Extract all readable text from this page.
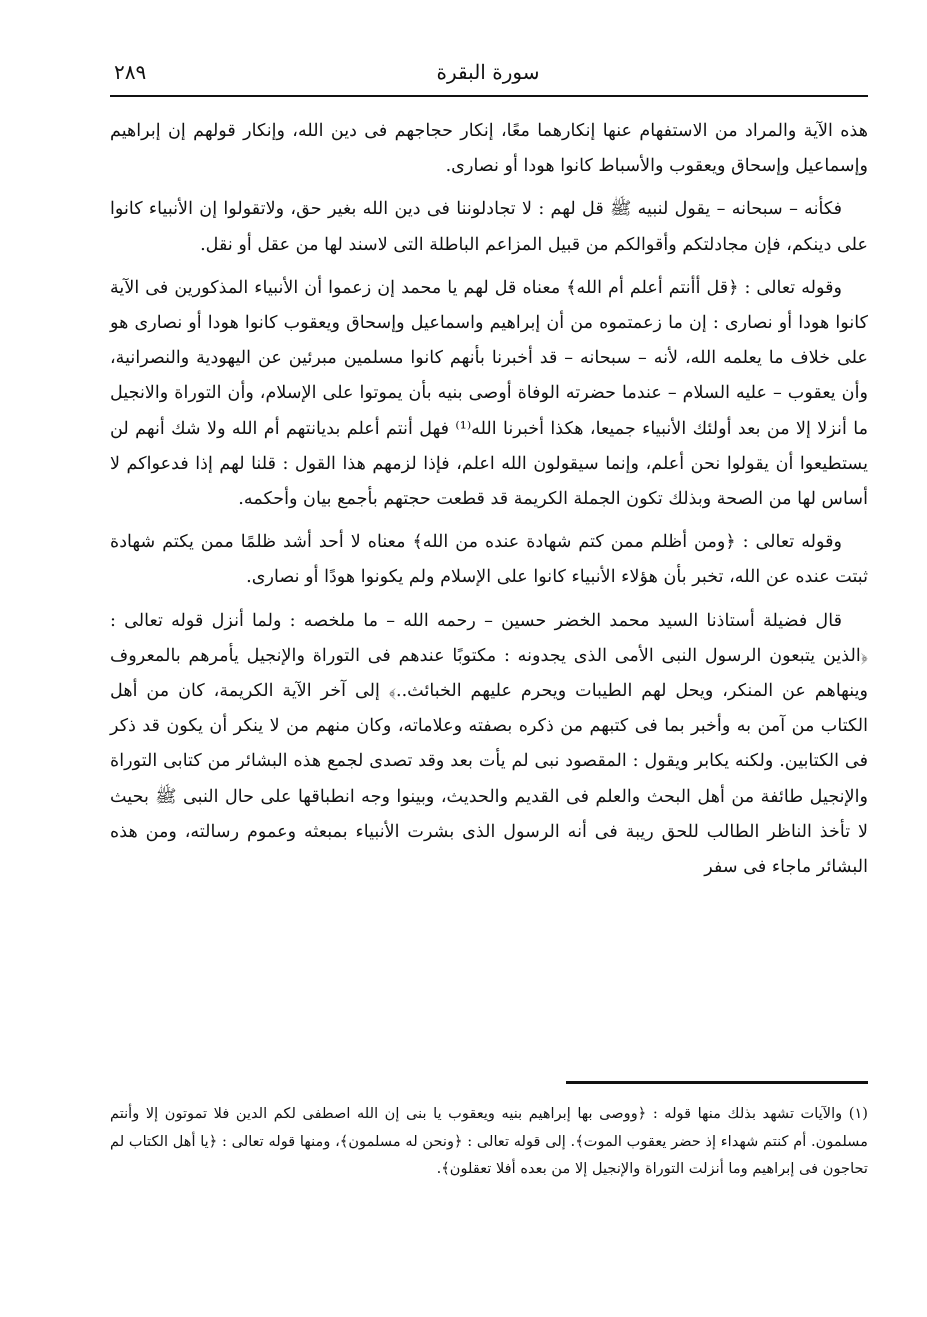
سورة البقرة
٢٨٩

هذه الآية والمراد من الاستفهام عنها إنكارهما معًا، إنكار حجاجهم فى دين الله، وإنكار قولهم إن إبراهيم وإسماعيل وإسحاق ويعقوب والأسباط كانوا هودا أو نصارى.

فكأنه – سبحانه – يقول لنبيه ﷺ قل لهم : لا تجادلوننا فى دين الله بغير حق، ولاتقولوا إن الأنبياء كانوا على دينكم، فإن مجادلتكم وأقوالكم من قبيل المزاعم الباطلة التى لاسند لها من عقل أو نقل.

وقوله تعالى : ﴿قل أأنتم أعلم أم الله﴾ معناه قل لهم يا محمد إن زعموا أن الأنبياء المذكورين فى الآية كانوا هودا أو نصارى : إن ما زعمتموه من أن إبراهيم واسماعيل وإسحاق ويعقوب كانوا هودا أو نصارى هو على خلاف ما يعلمه الله، لأنه – سبحانه – قد أخبرنا بأنهم كانوا مسلمين مبرئين عن اليهودية والنصرانية، وأن يعقوب – عليه السلام – عندما حضرته الوفاة أوصى بنيه بأن يموتوا على الإسلام، وأن التوراة والانجيل ما أنزلا إلا من بعد أولئك الأنبياء جميعا، هكذا أخبرنا الله⁽¹⁾ فهل أنتم أعلم بديانتهم أم الله ولا شك أنهم لن يستطيعوا أن يقولوا نحن أعلم، وإنما سيقولون الله اعلم، فإذا لزمهم هذا القول : قلنا لهم إذا فدعواكم لا أساس لها من الصحة وبذلك تكون الجملة الكريمة قد قطعت حجتهم بأجمع بيان وأحكمه.

وقوله تعالى : ﴿ومن أظلم ممن كتم شهادة عنده من الله﴾ معناه لا أحد أشد ظلمًا ممن يكتم شهادة ثبتت عنده عن الله، تخبر بأن هؤلاء الأنبياء كانوا على الإسلام ولم يكونوا هودًا أو نصارى.

قال فضيلة أستاذنا السيد محمد الخضر حسين – رحمه الله – ما ملخصه : ولما أنزل قوله تعالى : ﴿الذين يتبعون الرسول النبى الأمى الذى يجدونه : مكتوبًا عندهم فى التوراة والإنجيل يأمرهم بالمعروف وينهاهم عن المنكر، ويحل لهم الطيبات ويحرم عليهم الخبائث..﴾ إلى آخر الآية الكريمة، كان من أهل الكتاب من آمن به وأخبر بما فى كتبهم من ذكره بصفته وعلاماته، وكان منهم من لا ينكر أن يكون قد ذكر فى الكتابين. ولكنه يكابر ويقول : المقصود نبى لم يأت بعد وقد تصدى لجمع هذه البشائر من كتابى التوراة والإنجيل طائفة من أهل البحث والعلم فى القديم والحديث، وبينوا وجه انطباقها على حال النبى ﷺ بحيث لا تأخذ الناظر الطالب للحق ريبة فى أنه الرسول الذى بشرت الأنبياء بمبعثه وعموم رسالته، ومن هذه البشائر ماجاء فى سفر

(١) والآيات تشهد بذلك منها قوله : ﴿ووصى بها إبراهيم بنيه ويعقوب يا بنى إن الله اصطفى لكم الدين فلا تموتون إلا وأنتم مسلمون. أم كنتم شهداء إذ حضر يعقوب الموت﴾. إلى قوله تعالى : ﴿ونحن له مسلمون﴾، ومنها قوله تعالى : ﴿يا أهل الكتاب لم تحاجون فى إبراهيم وما أنزلت التوراة والإنجيل إلا من بعده أفلا تعقلون﴾.
